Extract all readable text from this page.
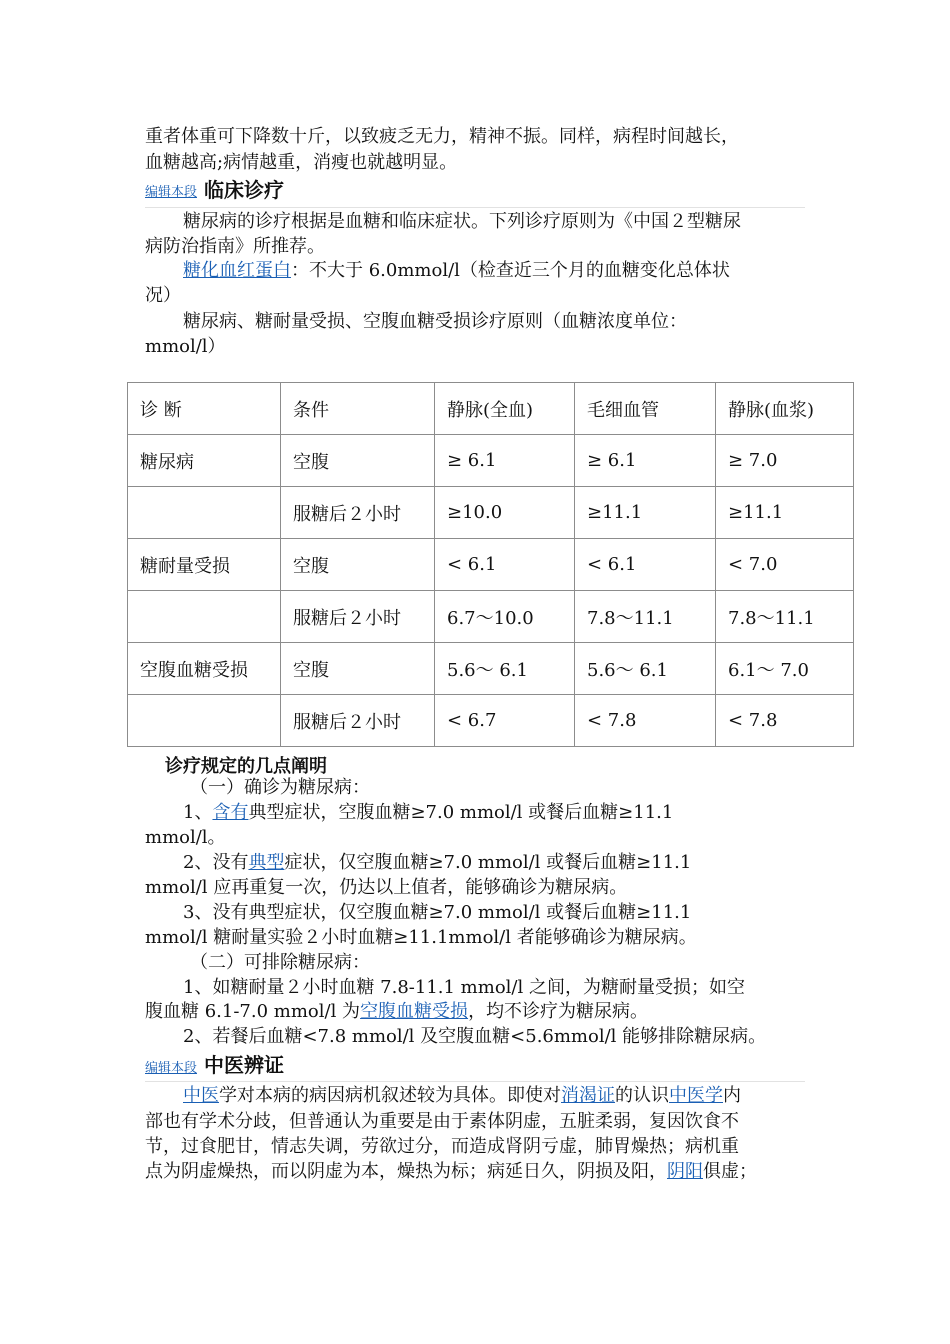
重者体重可下降数十斤，以致疲乏无力，精神不振。同样，病程时间越长，
血糖越高;病情越重，消瘦也就越明显。
编辑本段 临床诊疗
糖尿病的诊疗根据是血糖和临床症状。下列诊疗原则为《中国２型糖尿
病防治指南》所推荐。
糖化血红蛋白：不大于 6.0mmol/l（检查近三个月的血糖变化总体状
况）
糖尿病、糖耐量受损、空腹血糖受损诊疗原则（血糖浓度单位：
mmol/l）
诊 断	条件	静脉(全血)	毛细血管	静脉(血浆)
糖尿病	空腹	≥ 6.1	≥ 6.1	≥ 7.0
	服糖后２小时	≥10.0	≥11.1	≥11.1
糖耐量受损	空腹	< 6.1	< 6.1	< 7.0
	服糖后２小时	6.7～10.0	7.8～11.1	7.8～11.1
空腹血糖受损	空腹	5.6～ 6.1	5.6～ 6.1	6.1～ 7.0
	服糖后２小时	< 6.7	< 7.8	< 7.8
诊疗规定的几点阐明
（一）确诊为糖尿病：
1、含有典型症状，空腹血糖≥7.0 mmol/l 或餐后血糖≥11.1
mmol/l。
2、没有典型症状，仅空腹血糖≥7.0 mmol/l 或餐后血糖≥11.1
mmol/l 应再重复一次，仍达以上值者，能够确诊为糖尿病。
3、没有典型症状，仅空腹血糖≥7.0 mmol/l 或餐后血糖≥11.1
mmol/l 糖耐量实验２小时血糖≥11.1mmol/l 者能够确诊为糖尿病。
（二）可排除糖尿病：
1、如糖耐量２小时血糖 7.8-11.1 mmol/l 之间，为糖耐量受损；如空
腹血糖 6.1-7.0 mmol/l 为空腹血糖受损，均不诊疗为糖尿病。
2、若餐后血糖<7.8 mmol/l 及空腹血糖<5.6mmol/l 能够排除糖尿病。
编辑本段 中医辨证
中医学对本病的病因病机叙述较为具体。即使对消渴证的认识中医学内
部也有学术分歧，但普通认为重要是由于素体阴虚，五脏柔弱，复因饮食不
节，过食肥甘，情志失调，劳欲过分，而造成肾阴亏虚，肺胃燥热；病机重
点为阴虚燥热，而以阴虚为本，燥热为标；病延日久，阴损及阳，阴阳俱虚；
